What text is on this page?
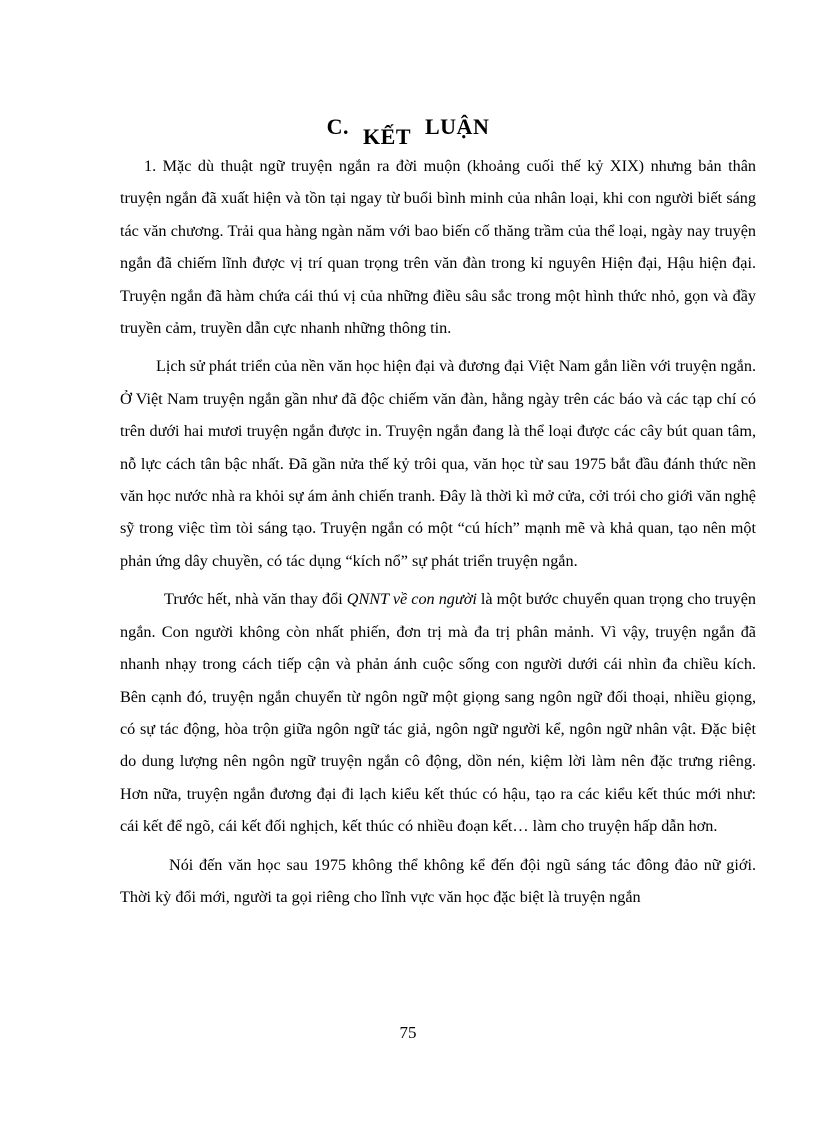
C. KẾT LUẬN

1. Mặc dù thuật ngữ truyện ngắn ra đời muộn (khoảng cuối thế kỷ XIX) nhưng bản thân truyện ngắn đã xuất hiện và tồn tại ngay từ buổi bình minh của nhân loại, khi con người biết sáng tác văn chương. Trải qua hàng ngàn năm với bao biến cố thăng trầm của thể loại, ngày nay truyện ngắn đã chiếm lĩnh được vị trí quan trọng trên văn đàn trong kỉ nguyên Hiện đại, Hậu hiện đại. Truyện ngắn đã hàm chứa cái thú vị của những điều sâu sắc trong một hình thức nhỏ, gọn và đầy truyền cảm, truyền dẫn cực nhanh những thông tin.

Lịch sử phát triển của nền văn học hiện đại và đương đại Việt Nam gắn liền với truyện ngắn. Ở Việt Nam truyện ngắn gần như đã độc chiếm văn đàn, hằng ngày trên các báo và các tạp chí có trên dưới hai mươi truyện ngắn được in. Truyện ngắn đang là thể loại được các cây bút quan tâm, nỗ lực cách tân bậc nhất. Đã gần nửa thế kỷ trôi qua, văn học từ sau 1975 bắt đầu đánh thức nền văn học nước nhà ra khỏi sự ám ảnh chiến tranh. Đây là thời kì mở cửa, cởi trói cho giới văn nghệ sỹ trong việc tìm tòi sáng tạo. Truyện ngắn có một “cú hích” mạnh mẽ và khả quan, tạo nên một phản ứng dây chuyền, có tác dụng “kích nổ” sự phát triển truyện ngắn.

Trước hết, nhà văn thay đổi QNNT về con người là một bước chuyển quan trọng cho truyện ngắn. Con người không còn nhất phiến, đơn trị mà đa trị phân mảnh. Vì vậy, truyện ngắn đã nhanh nhạy trong cách tiếp cận và phản ánh cuộc sống con người dưới cái nhìn đa chiều kích. Bên cạnh đó, truyện ngắn chuyển từ ngôn ngữ một giọng sang ngôn ngữ đối thoại, nhiều giọng, có sự tác động, hòa trộn giữa ngôn ngữ tác giả, ngôn ngữ người kể, ngôn ngữ nhân vật. Đặc biệt do dung lượng nên ngôn ngữ truyện ngắn cô động, dồn nén, kiệm lời làm nên đặc trưng riêng. Hơn nữa, truyện ngắn đương đại đi lạch kiểu kết thúc có hậu, tạo ra các kiểu kết thúc mới như: cái kết để ngõ, cái kết đối nghịch, kết thúc có nhiều đoạn kết… làm cho truyện hấp dẫn hơn.

Nói đến văn học sau 1975 không thể không kể đến đội ngũ sáng tác đông đảo nữ giới. Thời kỳ đổi mới, người ta gọi riêng cho lĩnh vực văn học đặc biệt là truyện ngắn

75
